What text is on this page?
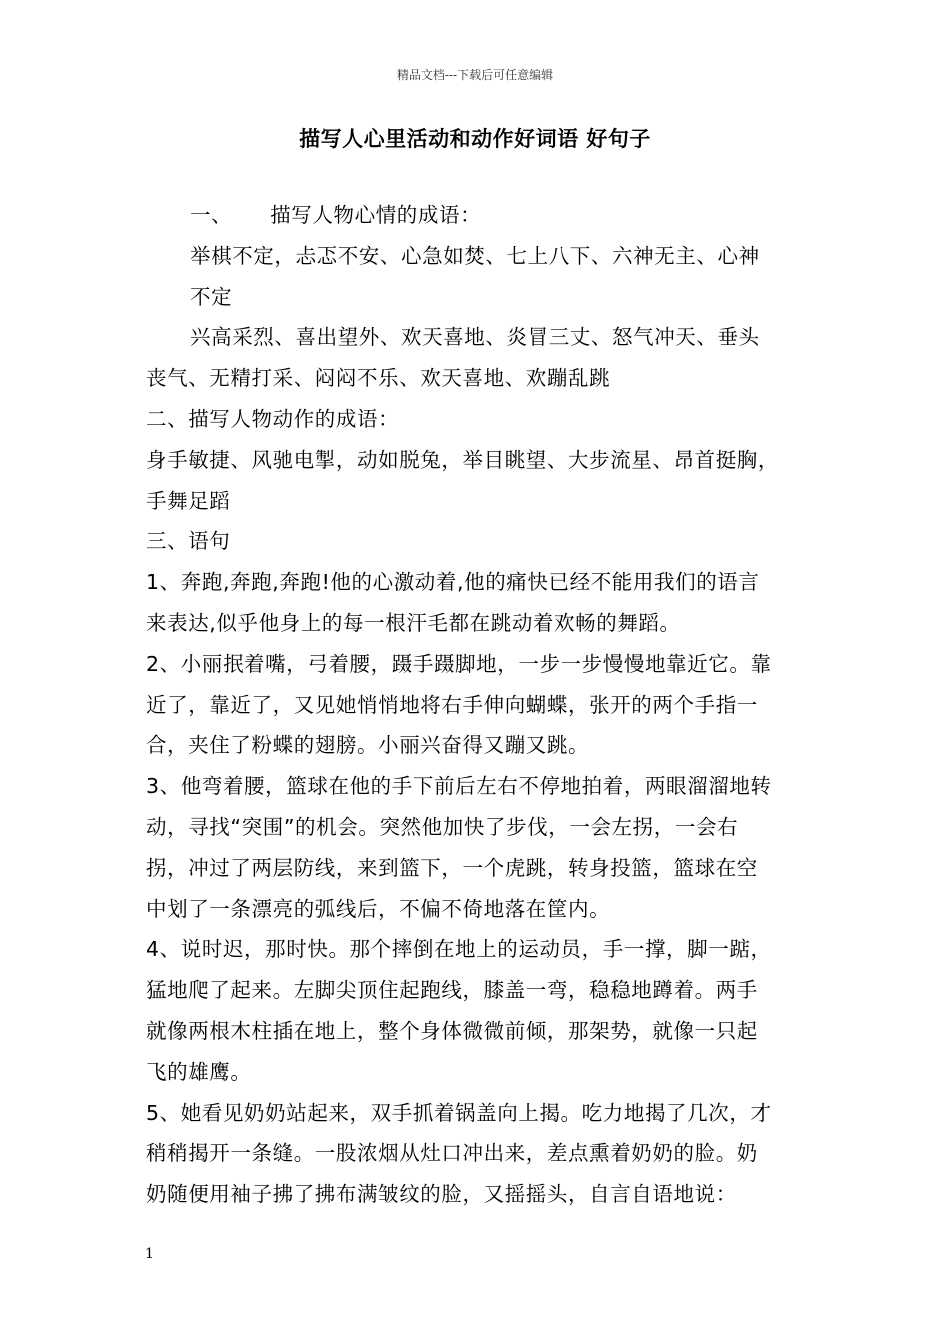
精品文档---下载后可任意编辑
描写人心里活动和动作好词语 好句子

一、 描写人物心情的成语：

举棋不定，忐忑不安、心急如焚、七上八下、六神无主、心神

不定

兴高采烈、喜出望外、欢天喜地、炎冒三丈、怒气冲天、垂头

丧气、无精打采、闷闷不乐、欢天喜地、欢蹦乱跳

二、描写人物动作的成语：

身手敏捷、风驰电掣，动如脱兔，举目眺望、大步流星、昂首挺胸，

手舞足蹈

三、语句

1、奔跑,奔跑,奔跑!他的心激动着,他的痛快已经不能用我们的语言

来表达,似乎他身上的每一根汗毛都在跳动着欢畅的舞蹈。

2、小丽抿着嘴，弓着腰，蹑手蹑脚地，一步一步慢慢地靠近它。靠

近了，靠近了，又见她悄悄地将右手伸向蝴蝶，张开的两个手指一

合，夹住了粉蝶的翅膀。小丽兴奋得又蹦又跳。

3、他弯着腰，篮球在他的手下前后左右不停地拍着，两眼溜溜地转

动，寻找“突围”的机会。突然他加快了步伐，一会左拐，一会右

拐，冲过了两层防线，来到篮下，一个虎跳，转身投篮，篮球在空

中划了一条漂亮的弧线后，不偏不倚地落在筐内。

4、说时迟，那时快。那个摔倒在地上的运动员，手一撑，脚一踮，

猛地爬了起来。左脚尖顶住起跑线，膝盖一弯，稳稳地蹲着。两手

就像两根木柱插在地上，整个身体微微前倾，那架势，就像一只起

飞的雄鹰。

5、她看见奶奶站起来，双手抓着锅盖向上揭。吃力地揭了几次，才

稍稍揭开一条缝。一股浓烟从灶口冲出来，差点熏着奶奶的脸。奶

奶随便用袖子拂了拂布满皱纹的脸，又摇摇头，自言自语地说：

1
